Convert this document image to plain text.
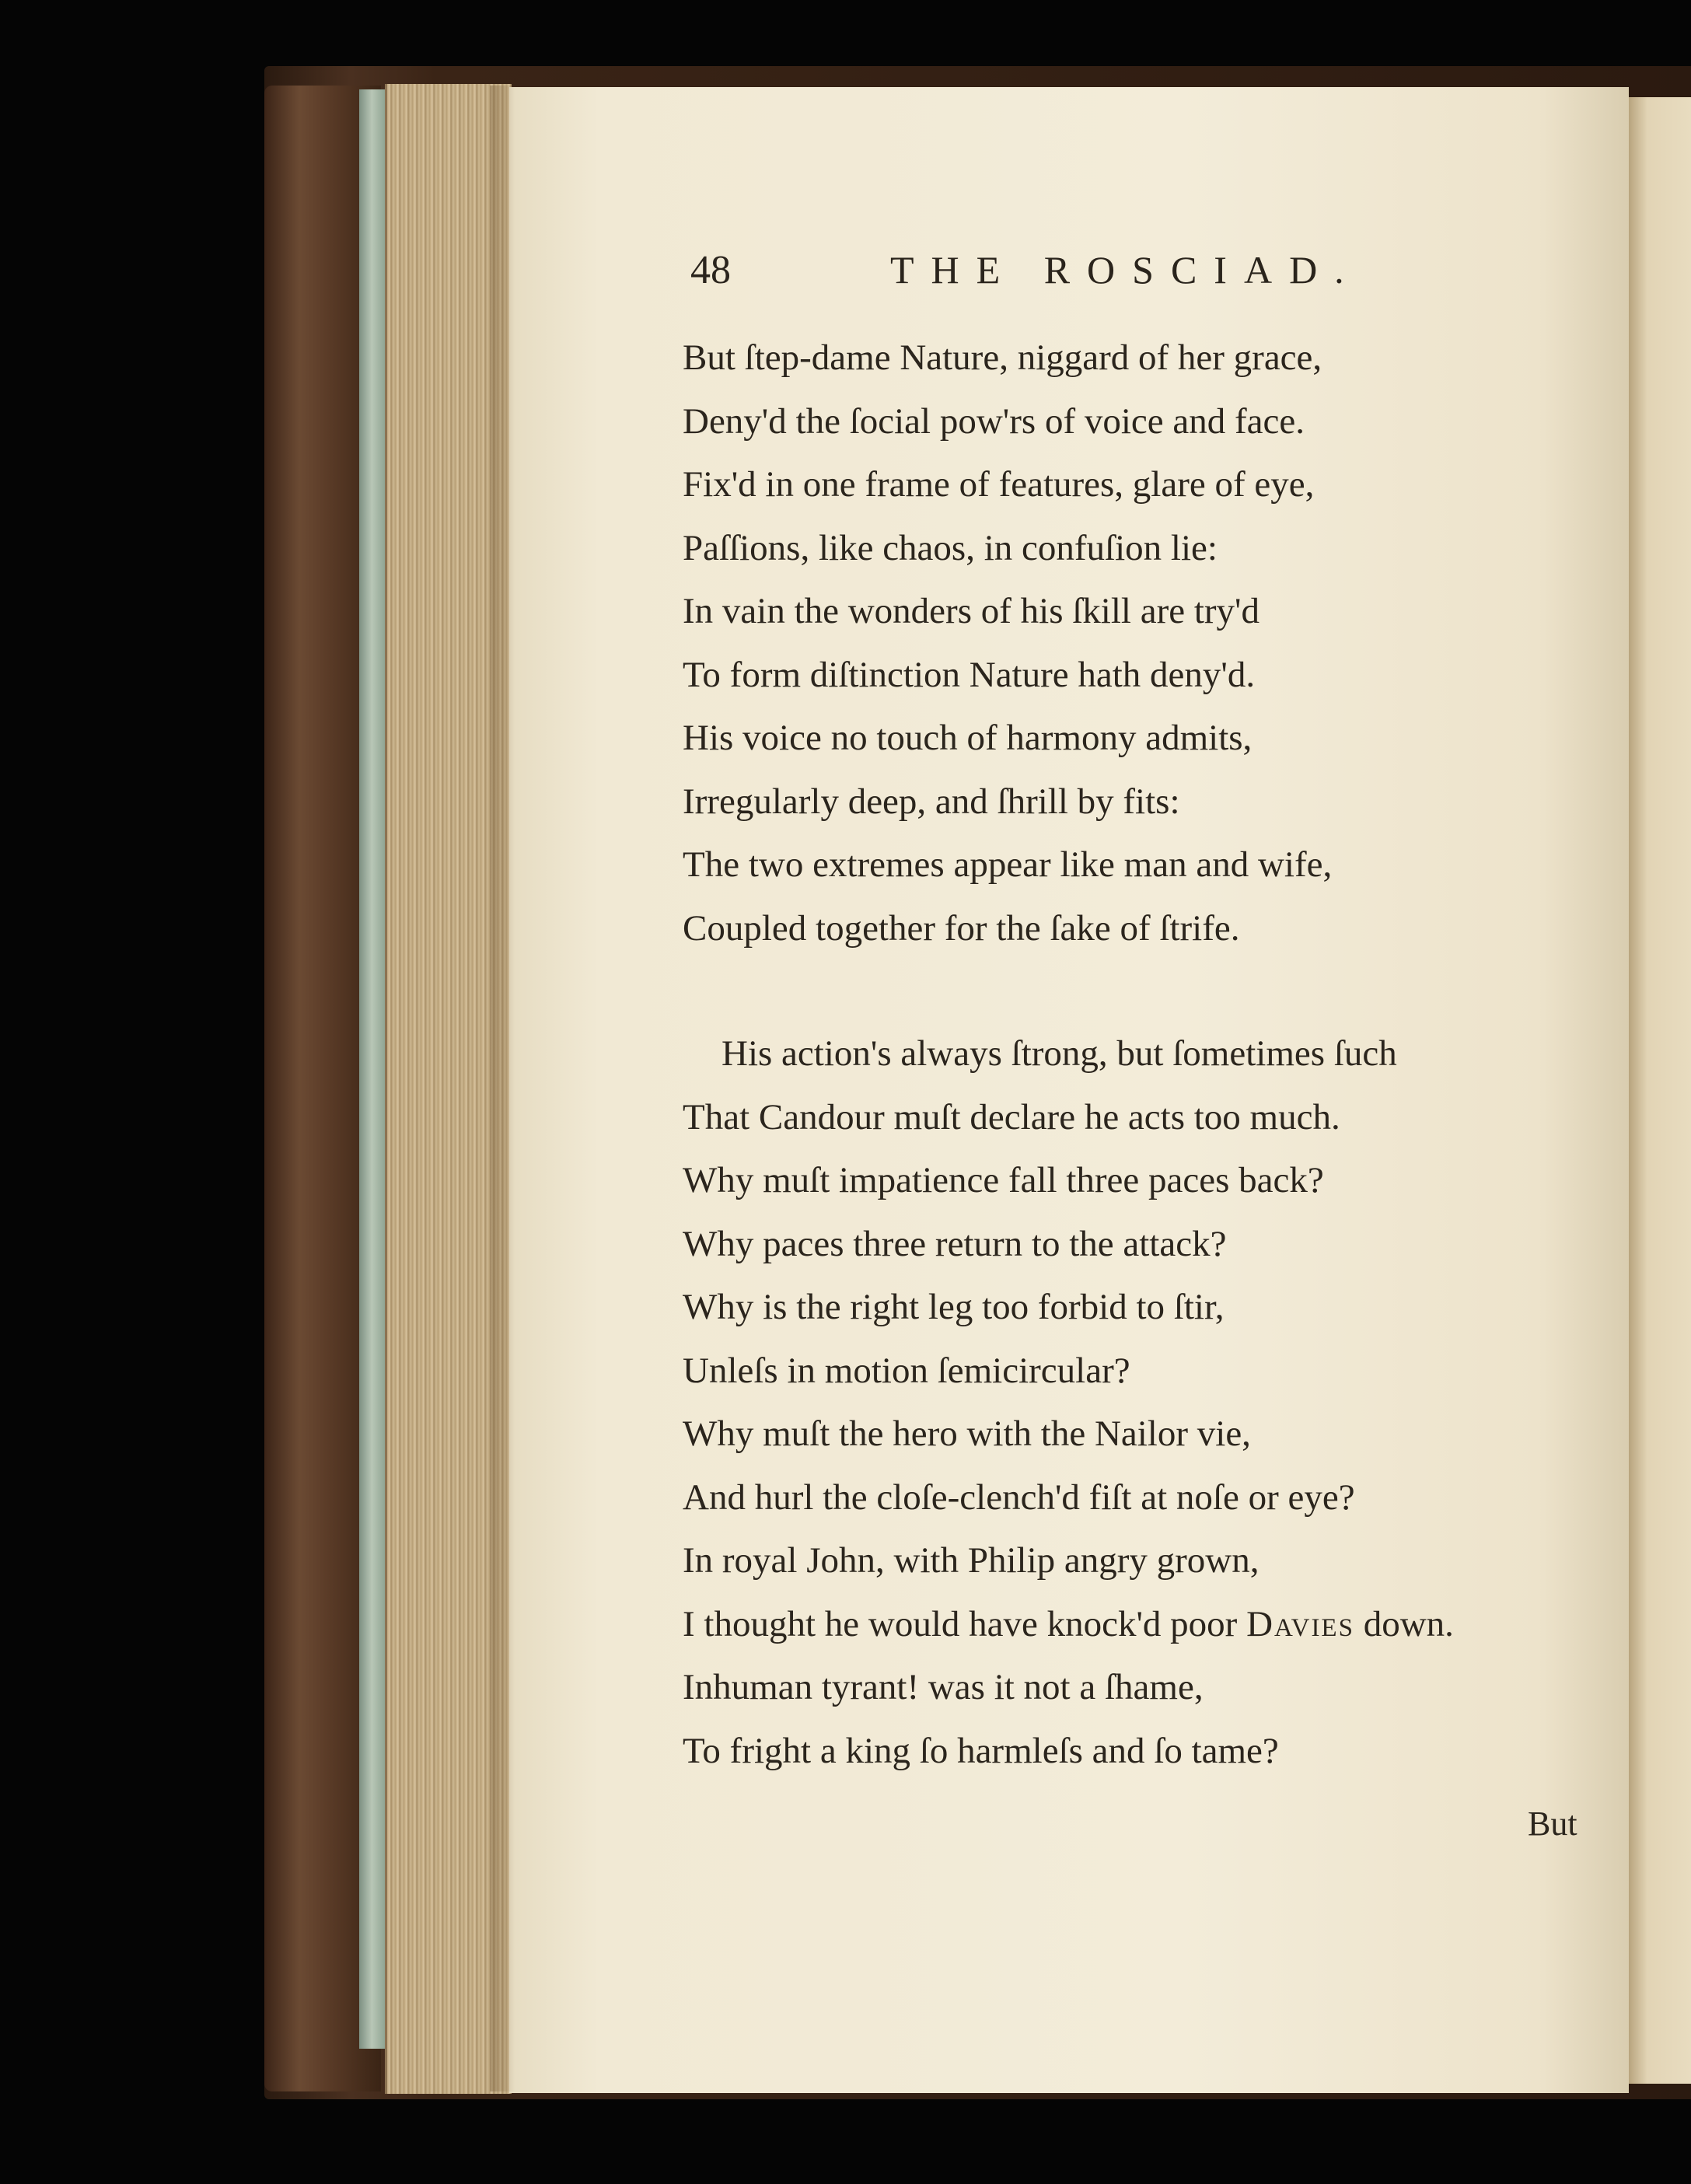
48	THE ROSCIAD.
But ſtep-dame Nature, niggard of her grace,
Deny'd the ſocial pow'rs of voice and face.
Fix'd in one frame of features, glare of eye,
Paſſions, like chaos, in confuſion lie:
In vain the wonders of his ſkill are try'd
To form diſtinction Nature hath deny'd.
His voice no touch of harmony admits,
Irregularly deep, and ſhrill by fits:
The two extremes appear like man and wife,
Coupled together for the ſake of ſtrife.
His action's always ſtrong, but ſometimes ſuch
That Candour muſt declare he acts too much.
Why muſt impatience fall three paces back?
Why paces three return to the attack?
Why is the right leg too forbid to ſtir,
Unleſs in motion ſemicircular?
Why muſt the hero with the Nailor vie,
And hurl the cloſe-clench'd fiſt at noſe or eye?
In royal John, with Philip angry grown,
I thought he would have knock'd poor Davies down.
Inhuman tyrant! was it not a ſhame,
To fright a king ſo harmleſs and ſo tame?
But
